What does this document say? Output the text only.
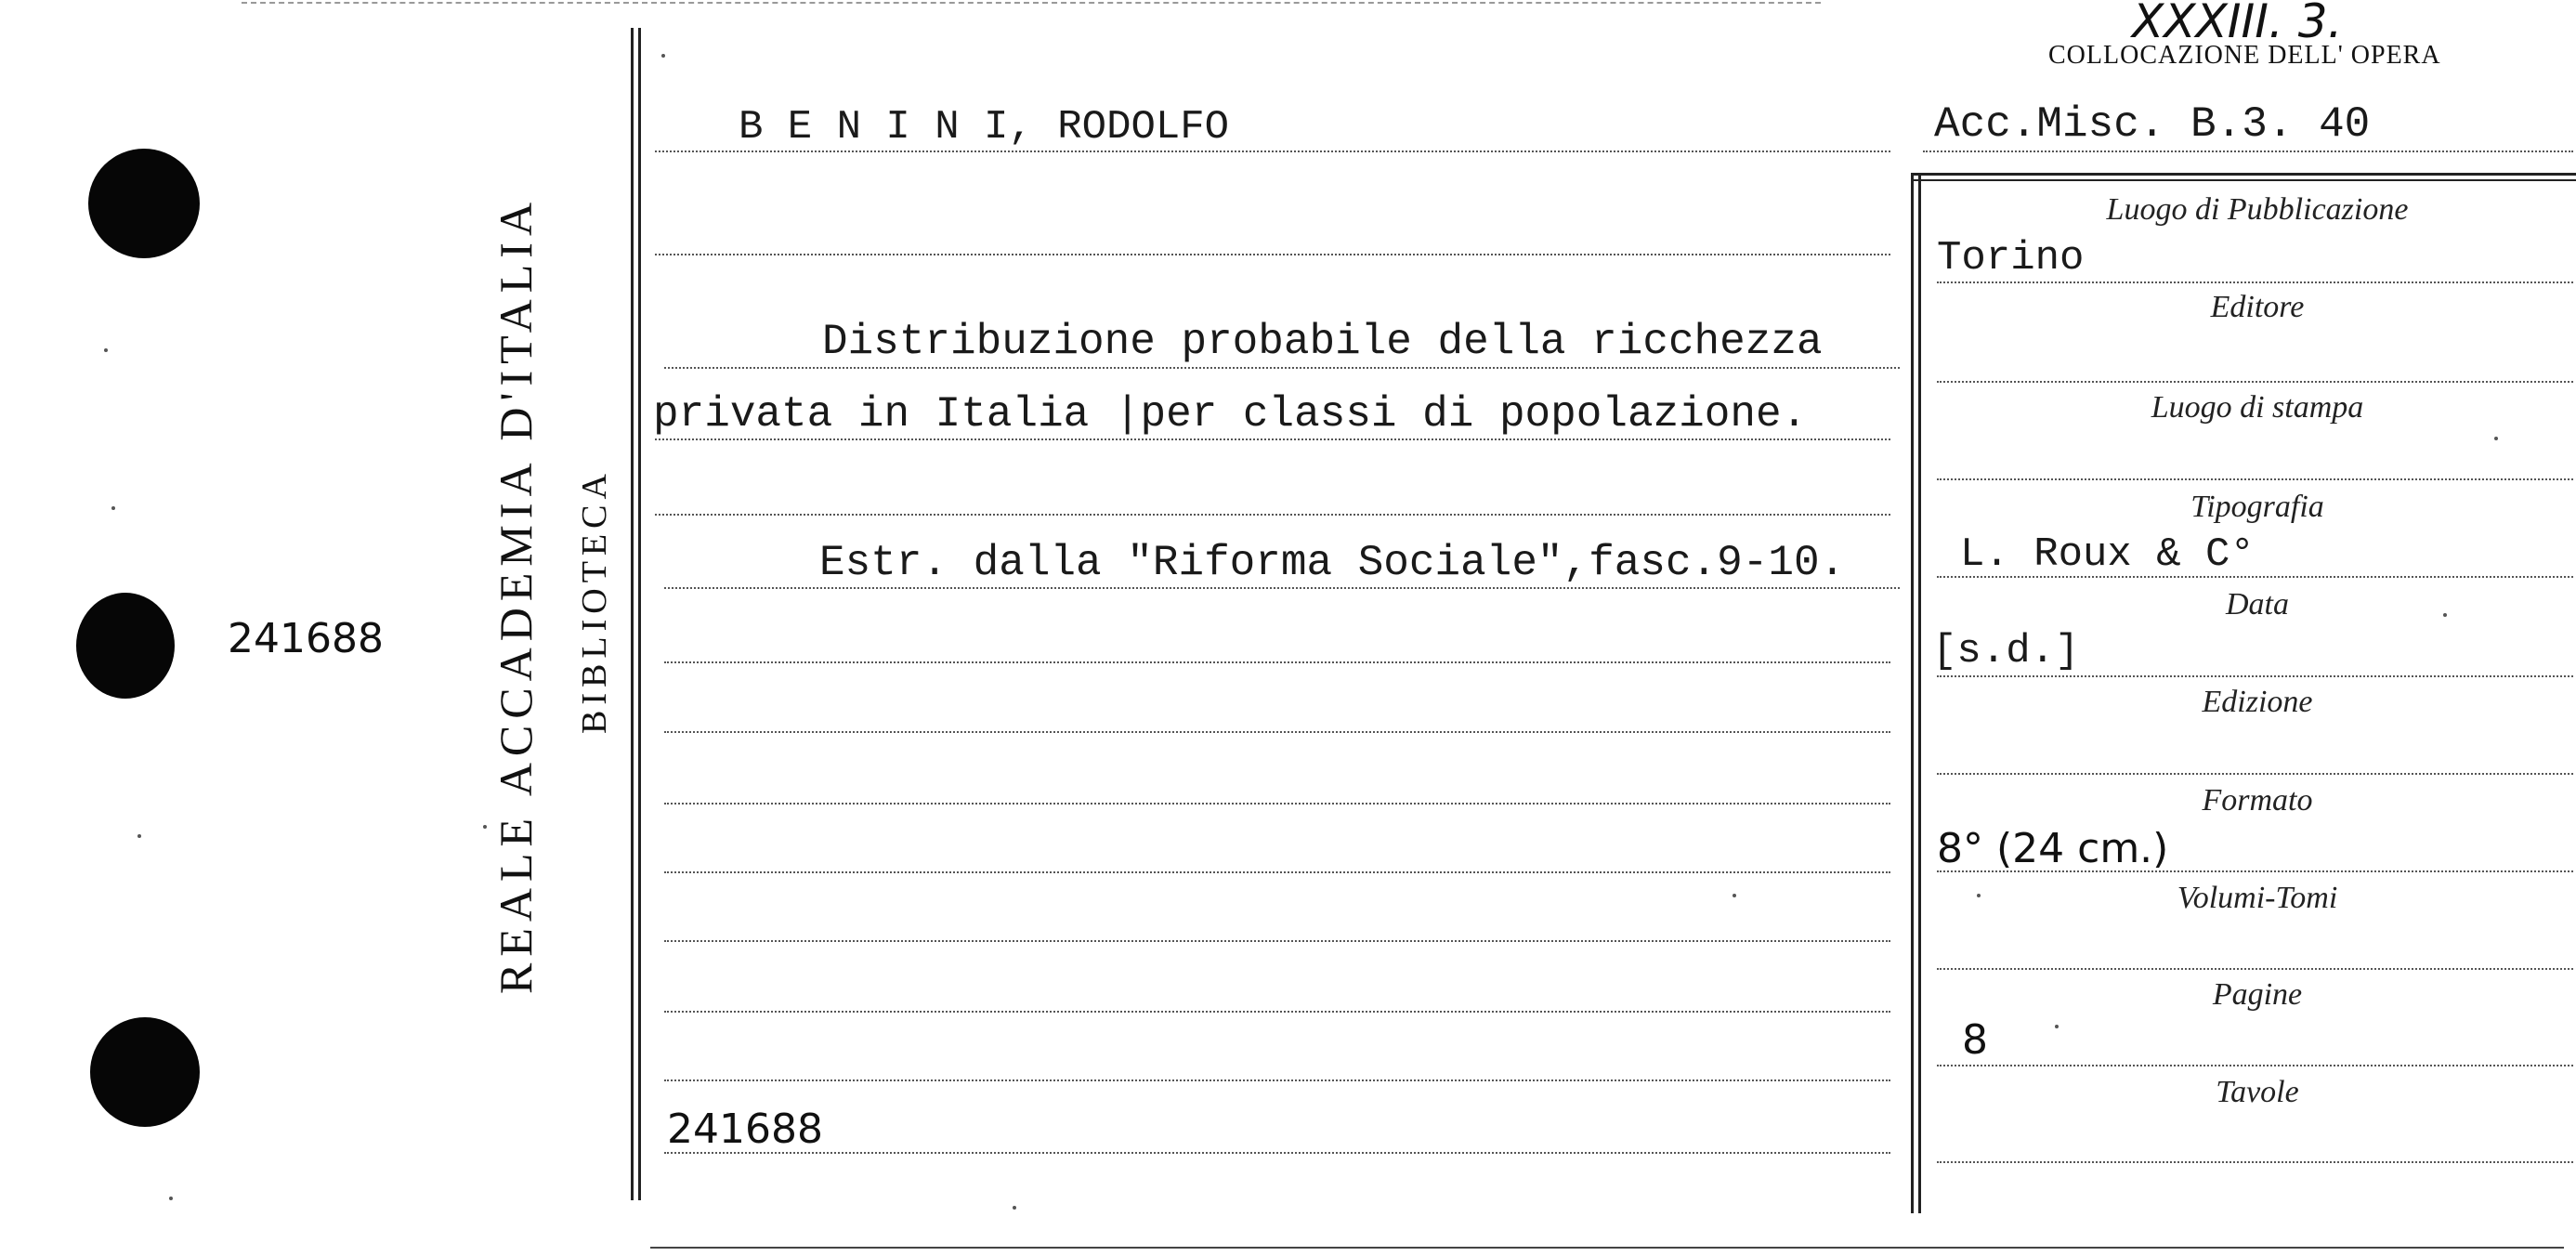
241688 REALE ACCADEMIA D'ITALIA BIBLIOTECA
XXXIII. 3.
COLLOCAZIONE DELL' OPERA
Acc.Misc. B.3. 40
B E N I N I, RODOLFO
Distribuzione probabile della ricchezza
privata in Italia |per classi di popolazione.
Estr. dalla "Riforma Sociale",fasc.9-10.
241688
Luogo di Pubblicazione
Torino
Editore
Luogo di stampa
Tipografia
L. Roux & C°
Data
[s.d.]
Edizione
Formato
8° (24 cm.)
Volumi-Tomi
Pagine
8
Tavole
